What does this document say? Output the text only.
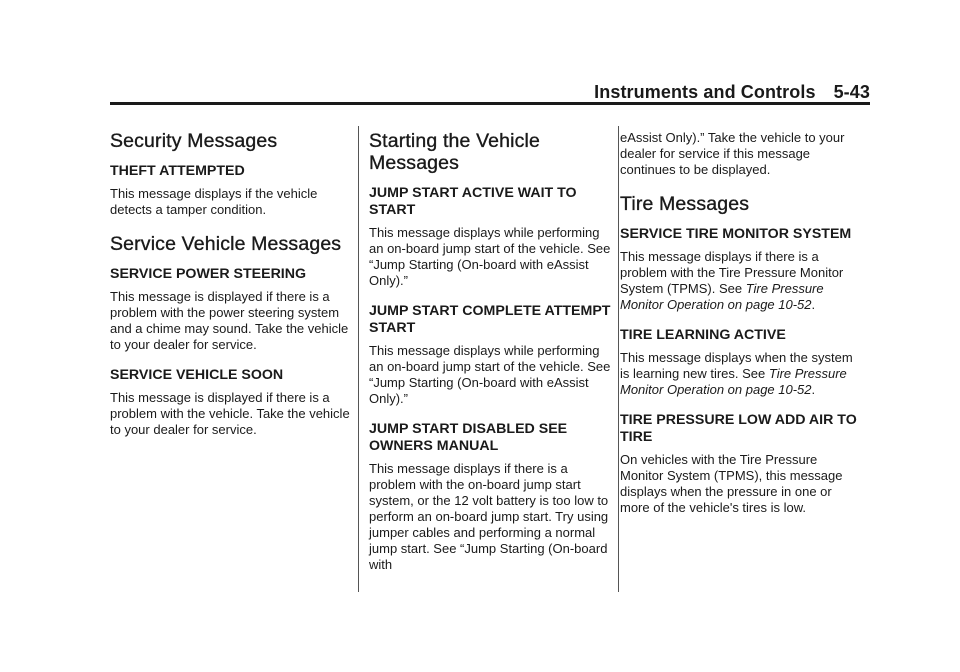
Instruments and Controls 5-43
Security Messages
THEFT ATTEMPTED

This message displays if the vehicle detects a tamper condition.

Service Vehicle Messages
SERVICE POWER STEERING

This message is displayed if there is a problem with the power steering system and a chime may sound. Take the vehicle to your dealer for service.

SERVICE VEHICLE SOON

This message is displayed if there is a problem with the vehicle. Take the vehicle to your dealer for service.

Starting the Vehicle Messages
JUMP START ACTIVE WAIT TO START

This message displays while performing an on-board jump start of the vehicle. See “Jump Starting (On-board with eAssist Only).”

JUMP START COMPLETE ATTEMPT START

This message displays while performing an on-board jump start of the vehicle. See “Jump Starting (On-board with eAssist Only).”

JUMP START DISABLED SEE OWNERS MANUAL

This message displays if there is a problem with the on-board jump start system, or the 12 volt battery is too low to perform an on-board jump start. Try using jumper cables and performing a normal jump start. See “Jump Starting (On-board with

eAssist Only).” Take the vehicle to your dealer for service if this message continues to be displayed.

Tire Messages
SERVICE TIRE MONITOR SYSTEM

This message displays if there is a problem with the Tire Pressure Monitor System (TPMS). See Tire Pressure Monitor Operation on page 10-52.

TIRE LEARNING ACTIVE

This message displays when the system is learning new tires. See Tire Pressure Monitor Operation on page 10-52.

TIRE PRESSURE LOW ADD AIR TO TIRE

On vehicles with the Tire Pressure Monitor System (TPMS), this message displays when the pressure in one or more of the vehicle's tires is low.
